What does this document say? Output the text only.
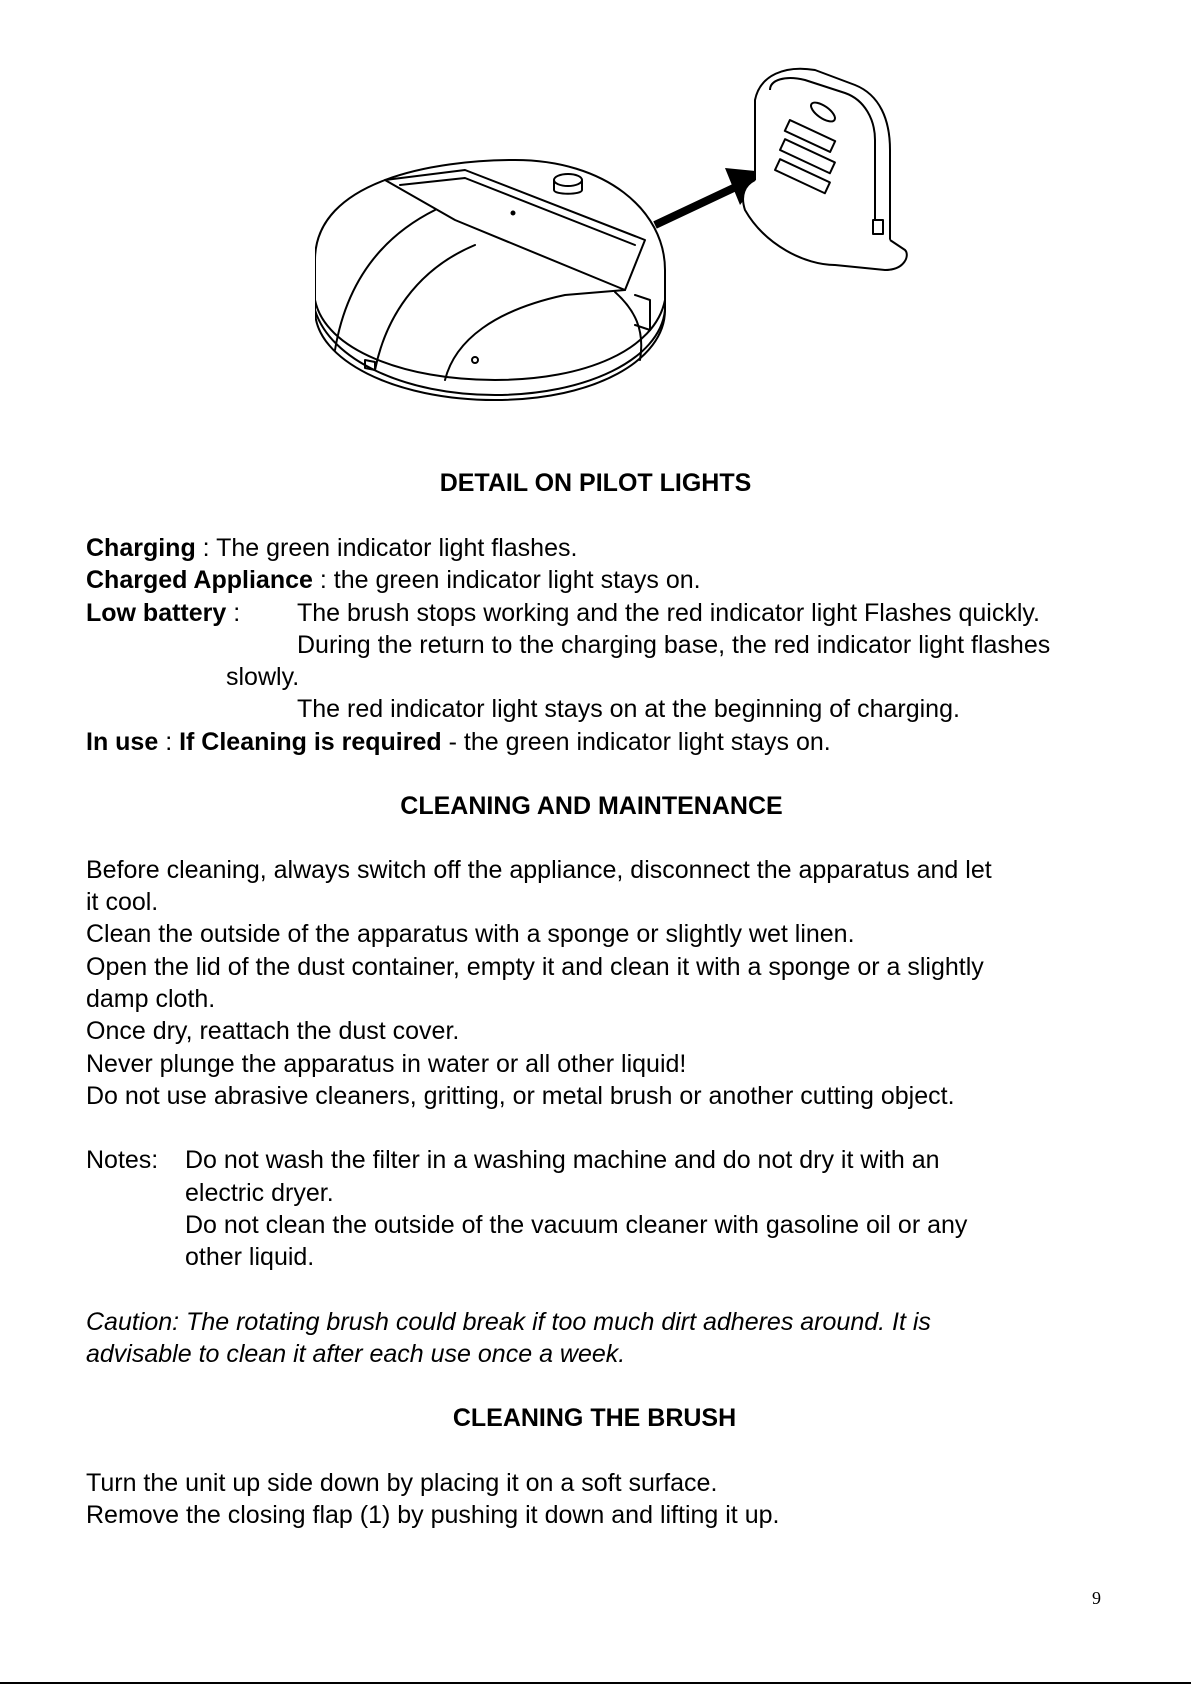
DETAIL ON PILOT LIGHTS
Charging : The green indicator light flashes.
Charged Appliance : the green indicator light stays on.
Low battery : The brush stops working and the red indicator light Flashes quickly.
During the return to the charging base, the red indicator light flashes
slowly.
The red indicator light stays on at the beginning of charging.
In use : If Cleaning is required - the green indicator light stays on.
CLEANING AND MAINTENANCE
Before cleaning, always switch off the appliance, disconnect the apparatus and let
it cool.
Clean the outside of the apparatus with a sponge or slightly wet linen.
Open the lid of the dust container, empty it and clean it with a sponge or a slightly
damp cloth.
Once dry, reattach the dust cover.
Never plunge the apparatus in water or all other liquid!
Do not use abrasive cleaners, gritting, or metal brush or another cutting object.
Notes: Do not wash the filter in a washing machine and do not dry it with an
electric dryer.
Do not clean the outside of the vacuum cleaner with gasoline oil or any
other liquid.
Caution: The rotating brush could break if too much dirt adheres around. It is
advisable to clean it after each use once a week.
CLEANING THE BRUSH
Turn the unit up side down by placing it on a soft surface.
Remove the closing flap (1) by pushing it down and lifting it up.
9
